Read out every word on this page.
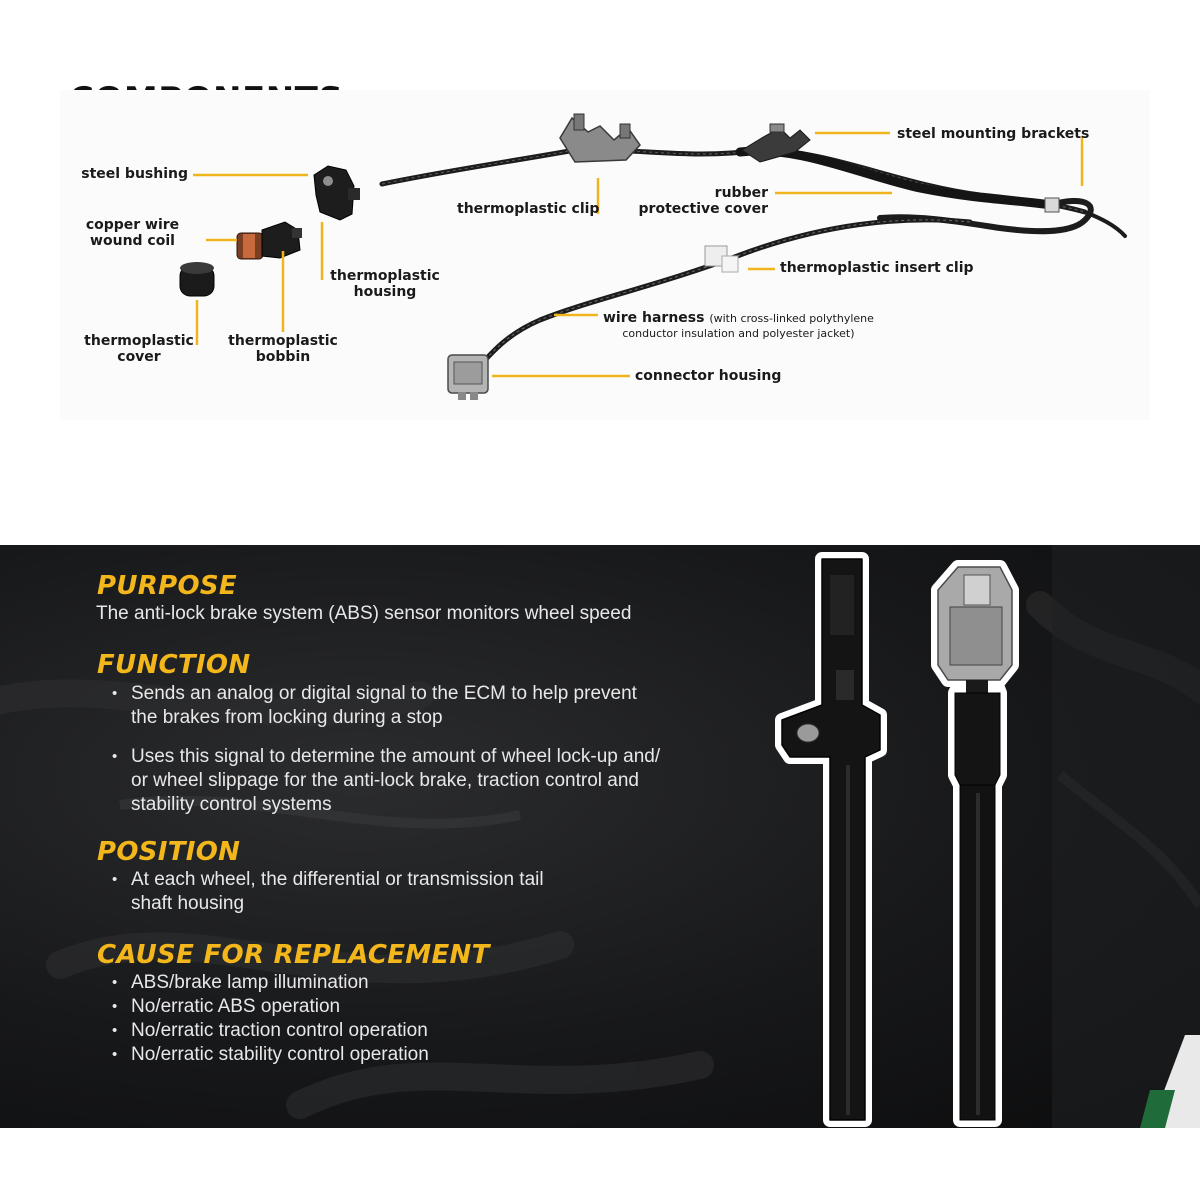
steel bushing
copper wire
wound coil
thermoplastic
cover
thermoplastic
bobbin
thermoplastic
housing
thermoplastic clip
rubber
protective cover
steel mounting brackets
thermoplastic insert clip
wire harness (with cross-linked polythylene
conductor insulation and polyester jacket)
connector housing
PURPOSE

The anti-lock brake system (ABS) sensor monitors wheel speed

FUNCTION
• Sends an analog or digital signal to the ECM to help prevent
the brakes from locking during a stop
• Uses this signal to determine the amount of wheel lock-up and/
or wheel slippage for the anti-lock brake, traction control and
stability control systems
POSITION
• At each wheel, the differential or transmission tail
shaft housing
CAUSE FOR REPLACEMENT
• ABS/brake lamp illumination
• No/erratic ABS operation
• No/erratic traction control operation
• No/erratic stability control operation
